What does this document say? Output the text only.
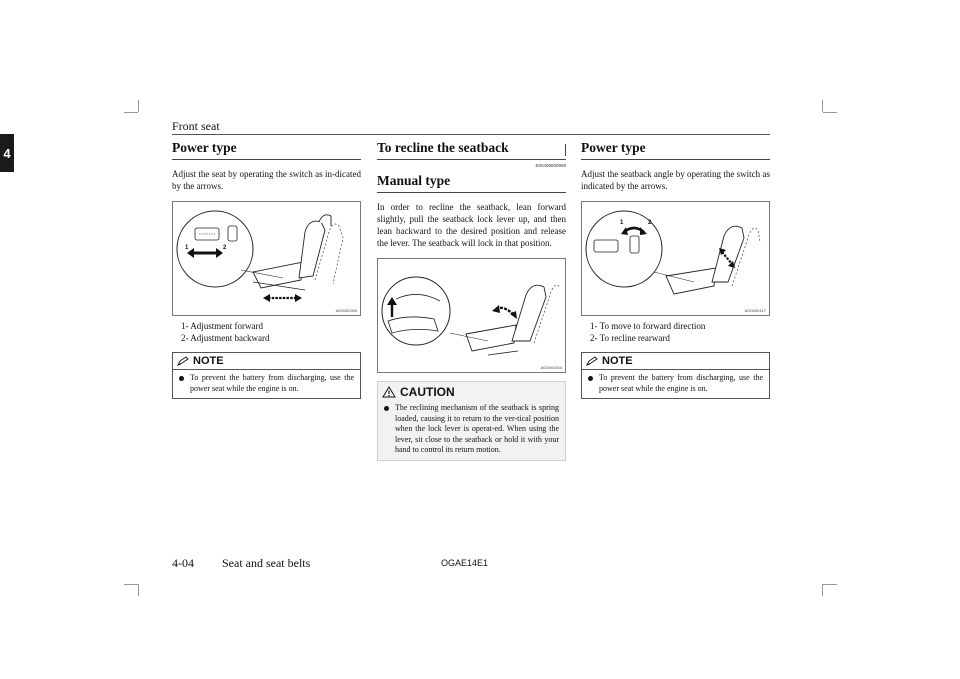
Front seat
4	Power type
Adjust the seat by operating the switch as in-dicated by the arrows.
1	2
AG0002390
1- Adjustment forward
2- Adjustment backward
NOTE
To prevent the battery from discharging, use the power seat while the engine is on.
To recline the seatback
E00400600968
Manual type
In order to recline the seatback, lean forward slightly, pull the seatback lock lever up, and then lean backward to the desired position and release the lever. The seatback will lock in that position.
AG0002404
CAUTION
The reclining mechanism of the seatback is spring loaded, causing it to return to the ver-tical position when the lock lever is operat-ed. When using the lever, sit close to the seatback or hold it with your hand to control its return motion.
Power type
Adjust the seatback angle by operating the switch as indicated by the arrows.
1	2
AG0002417
1- To move to forward direction
2- To recline rearward
NOTE
To prevent the battery from discharging, use the power seat while the engine is on.
4-04 Seat and seat belts	OGAE14E1
